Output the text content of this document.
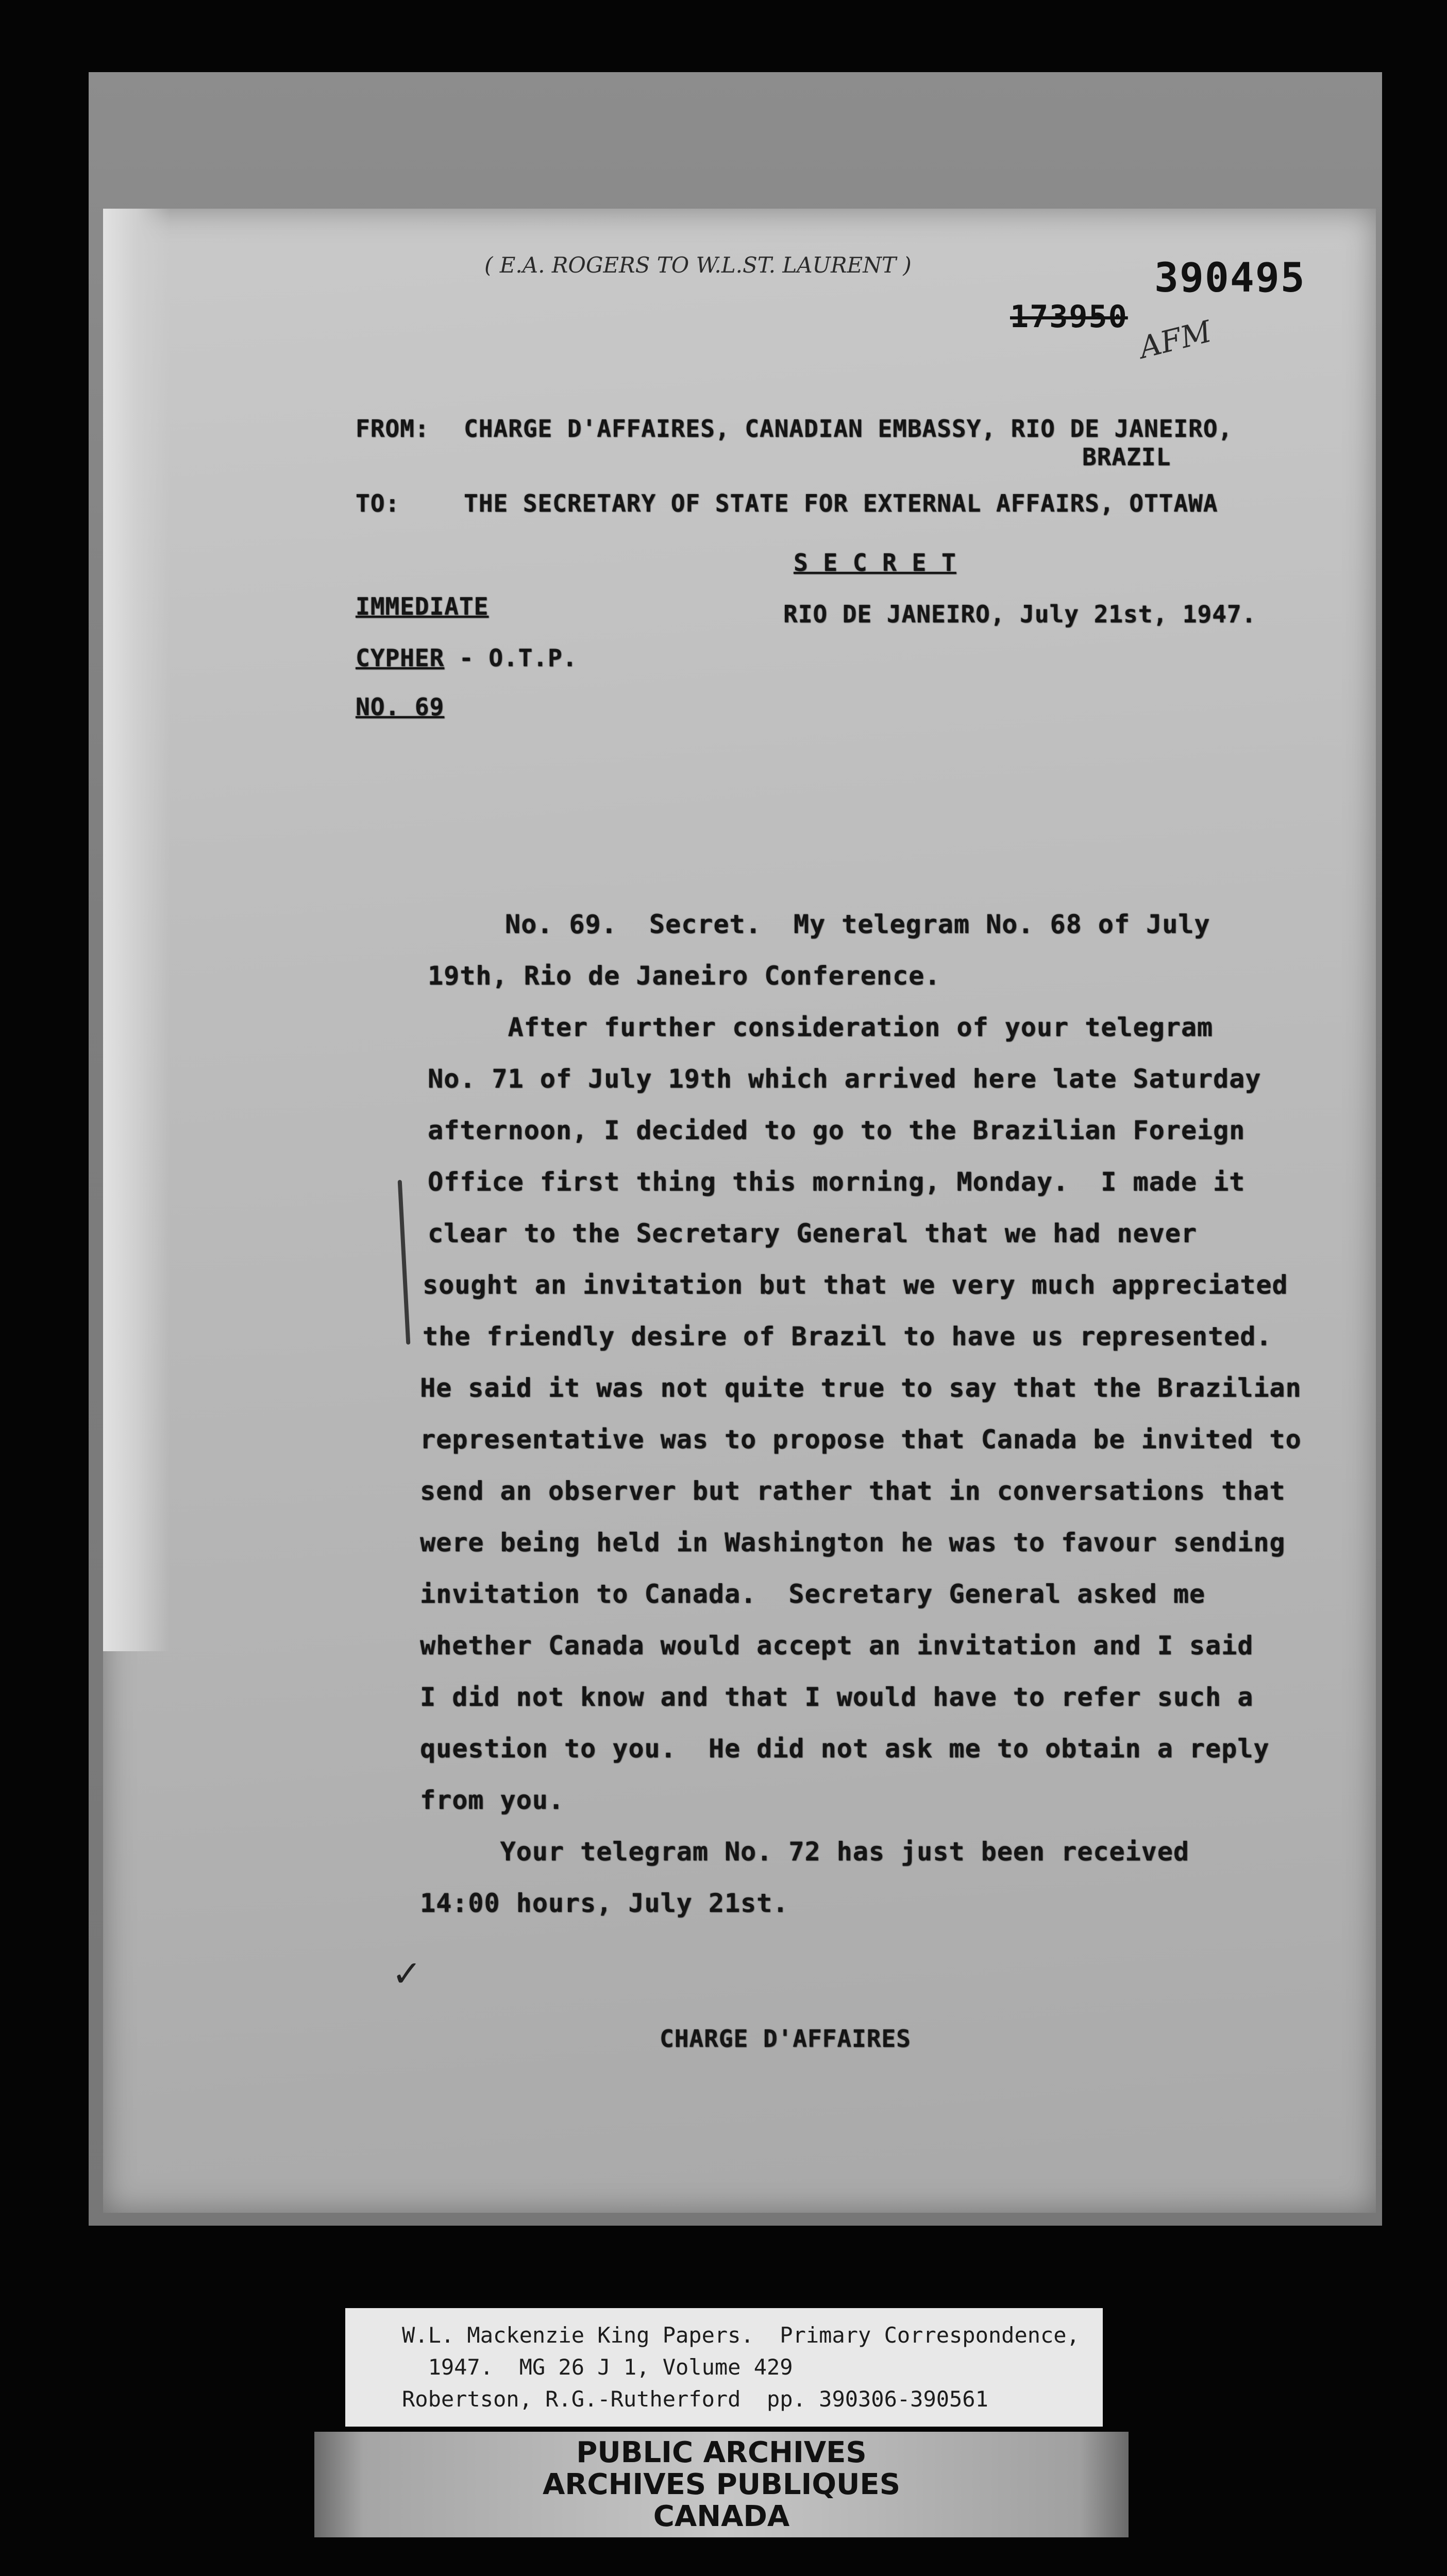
( E.A. ROGERS TO W.L.ST. LAURENT )	390495
173950 AFM
FROM: CHARGE D'AFFAIRES, CANADIAN EMBASSY, RIO DE JANEIRO,
BRAZIL
TO:	THE SECRETARY OF STATE FOR EXTERNAL AFFAIRS, OTTAWA
S E C R E T
IMMEDIATE	RIO DE JANEIRO, July 21st, 1947.
CYPHER - O.T.P.
NO. 69
No. 69.  Secret.  My telegram No. 68 of July
19th, Rio de Janeiro Conference.
After further consideration of your telegram
No. 71 of July 19th which arrived here late Saturday
afternoon, I decided to go to the Brazilian Foreign
Office first thing this morning, Monday.  I made it
clear to the Secretary General that we had never
sought an invitation but that we very much appreciated
the friendly desire of Brazil to have us represented.
He said it was not quite true to say that the Brazilian
representative was to propose that Canada be invited to
send an observer but rather that in conversations that
were being held in Washington he was to favour sending
invitation to Canada.  Secretary General asked me
whether Canada would accept an invitation and I said
I did not know and that I would have to refer such a
question to you.  He did not ask me to obtain a reply
from you.
Your telegram No. 72 has just been received
14:00 hours, July 21st.
✓
CHARGE D'AFFAIRES
W.L. Mackenzie King Papers.  Primary Correspondence,
1947.  MG 26 J 1, Volume 429
Robertson, R.G.-Rutherford  pp. 390306-390561
PUBLIC ARCHIVES
ARCHIVES PUBLIQUES
CANADA
